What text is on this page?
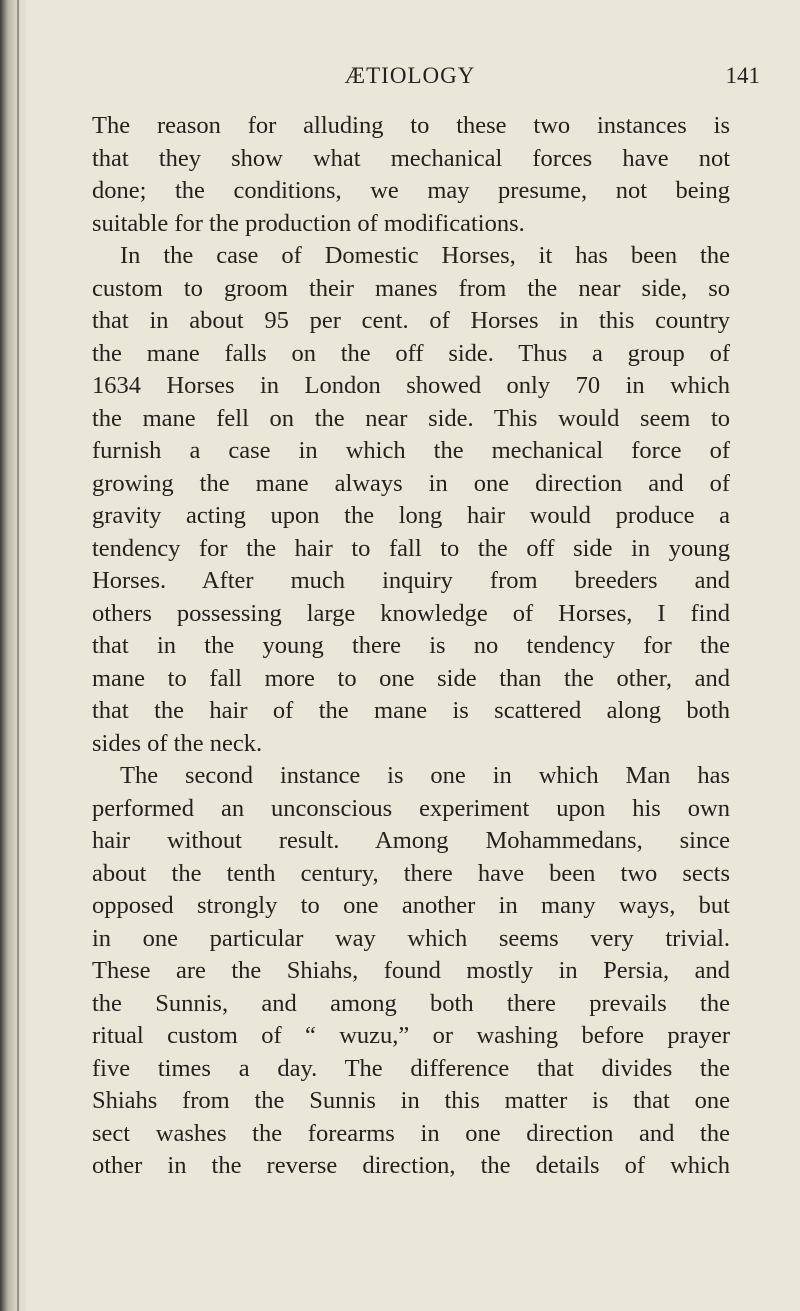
ÆTIOLOGY	141
The reason for alluding to these two instances is
that they show what mechanical forces have not
done; the conditions, we may presume, not being
suitable for the production of modifications.
In the case of Domestic Horses, it has been the
custom to groom their manes from the near side, so
that in about 95 per cent. of Horses in this country
the mane falls on the off side. Thus a group of
1634 Horses in London showed only 70 in which
the mane fell on the near side. This would seem to
furnish a case in which the mechanical force of
growing the mane always in one direction and of
gravity acting upon the long hair would produce a
tendency for the hair to fall to the off side in young
Horses. After much inquiry from breeders and
others possessing large knowledge of Horses, I find
that in the young there is no tendency for the
mane to fall more to one side than the other, and
that the hair of the mane is scattered along both
sides of the neck.
The second instance is one in which Man has
performed an unconscious experiment upon his own
hair without result. Among Mohammedans, since
about the tenth century, there have been two sects
opposed strongly to one another in many ways, but
in one particular way which seems very trivial.
These are the Shiahs, found mostly in Persia, and
the Sunnis, and among both there prevails the
ritual custom of “ wuzu,” or washing before prayer
five times a day. The difference that divides the
Shiahs from the Sunnis in this matter is that one
sect washes the forearms in one direction and the
other in the reverse direction, the details of which
